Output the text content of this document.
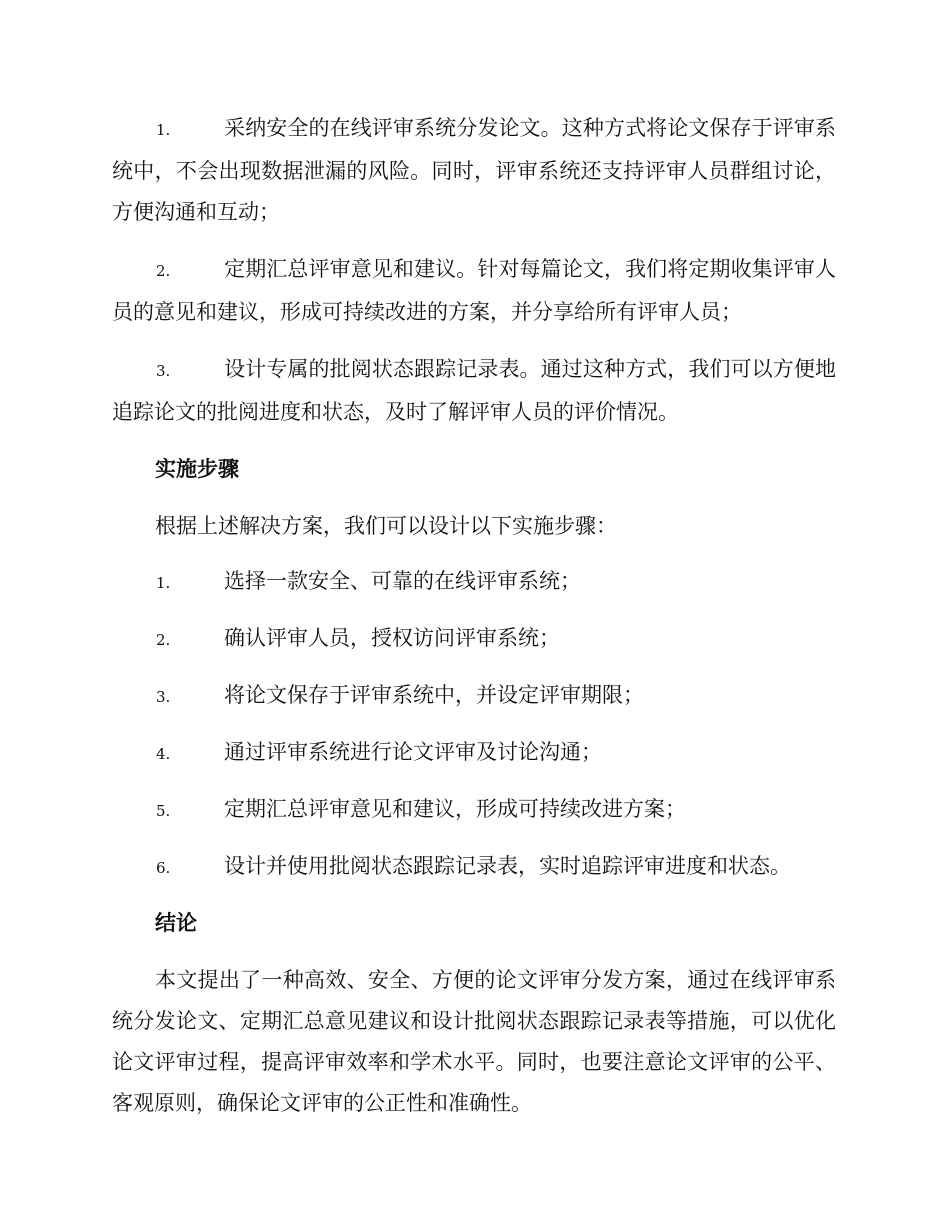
1.	采纳安全的在线评审系统分发论文。这种方式将论文保存于评审系统中，不会出现数据泄漏的风险。同时，评审系统还支持评审人员群组讨论，方便沟通和互动；
2.	定期汇总评审意见和建议。针对每篇论文，我们将定期收集评审人员的意见和建议，形成可持续改进的方案，并分享给所有评审人员；
3.	设计专属的批阅状态跟踪记录表。通过这种方式，我们可以方便地追踪论文的批阅进度和状态，及时了解评审人员的评价情况。
实施步骤
根据上述解决方案，我们可以设计以下实施步骤：
1.	选择一款安全、可靠的在线评审系统；
2.	确认评审人员，授权访问评审系统；
3.	将论文保存于评审系统中，并设定评审期限；
4.	通过评审系统进行论文评审及讨论沟通；
5.	定期汇总评审意见和建议，形成可持续改进方案；
6.	设计并使用批阅状态跟踪记录表，实时追踪评审进度和状态。
结论
本文提出了一种高效、安全、方便的论文评审分发方案，通过在线评审系统分发论文、定期汇总意见建议和设计批阅状态跟踪记录表等措施，可以优化论文评审过程，提高评审效率和学术水平。同时，也要注意论文评审的公平、客观原则，确保论文评审的公正性和准确性。
